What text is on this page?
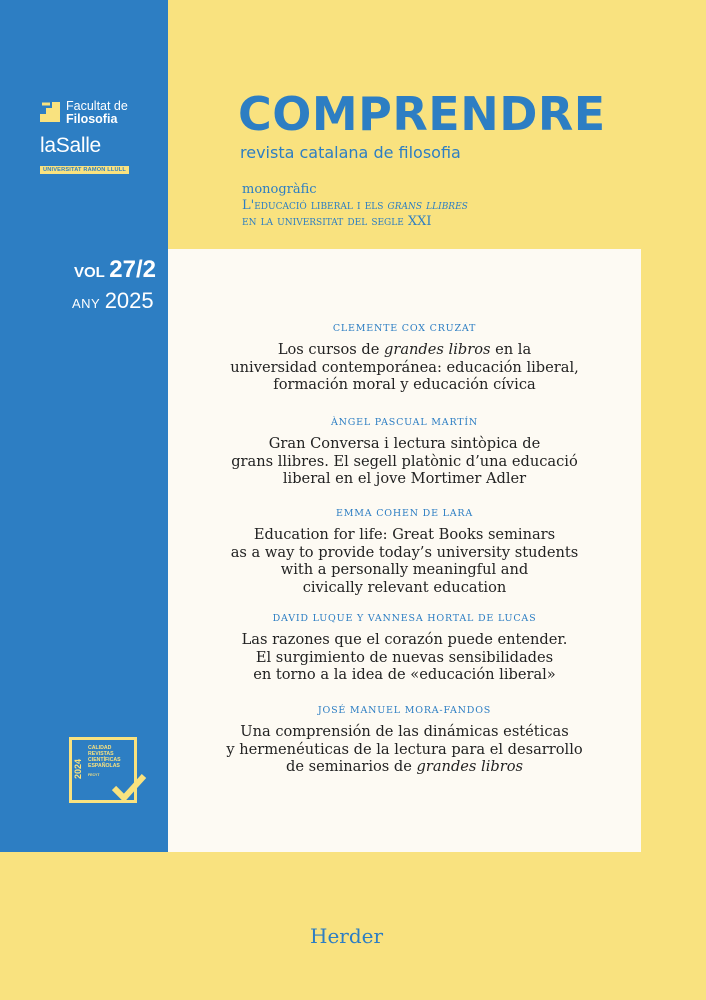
Facultat de
Filosofia
laSalle
UNIVERSITAT RAMON LLULL
VOL 27/2
ANY 2025
2024
CALIDAD
REVISTAS
CIENTÍFICAS
ESPAÑOLAS
FECYT
COMPRENDRE
revista catalana de filosofia
monogràfic
L'educació liberal i els grans llibres
en la universitat del segle XXI
CLEMENTE COX CRUZAT
Los cursos de grandes libros en la
universidad contemporánea: educación liberal,
formación moral y educación cívica
ÀNGEL PASCUAL MARTÍN
Gran Conversa i lectura sintòpica de
grans llibres. El segell platònic d’una educació
liberal en el jove Mortimer Adler
EMMA COHEN DE LARA
Education for life: Great Books seminars
as a way to provide today’s university students
with a personally meaningful and
civically relevant education
DAVID LUQUE Y VANNESA HORTAL DE LUCAS
Las razones que el corazón puede entender.
El surgimiento de nuevas sensibilidades
en torno a la idea de «educación liberal»
JOSÉ MANUEL MORA-FANDOS
Una comprensión de las dinámicas estéticas
y hermenéuticas de la lectura para el desarrollo
de seminarios de grandes libros
Herder
